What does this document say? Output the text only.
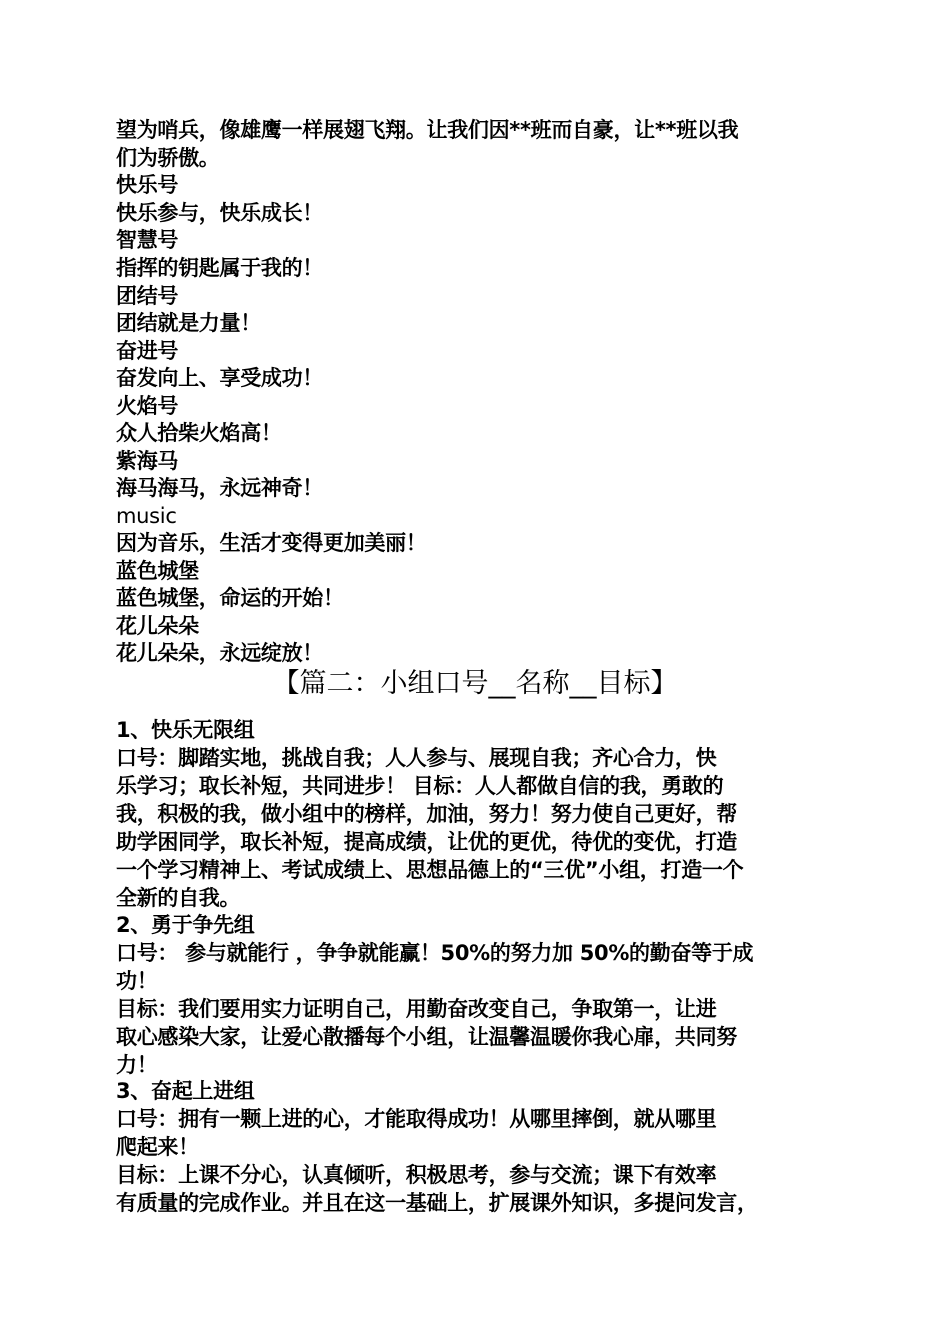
望为哨兵，像雄鹰一样展翅飞翔。让我们因**班而自豪，让**班以我
们为骄傲。
快乐号
快乐参与，快乐成长！
智慧号
指挥的钥匙属于我的！
团结号
团结就是力量！
奋进号
奋发向上、享受成功！
火焰号
众人拾柴火焰高！
紫海马
海马海马，永远神奇！
music
因为音乐，生活才变得更加美丽！
蓝色城堡
蓝色城堡，命运的开始！
花儿朵朵
花儿朵朵，永远绽放！
【篇二：小组口号__名称__目标】
1、快乐无限组
口号：脚踏实地，挑战自我；人人参与、展现自我；齐心合力，快
乐学习；取长补短，共同进步！ 目标：人人都做自信的我，勇敢的
我，积极的我，做小组中的榜样，加油，努力！努力使自己更好，帮
助学困同学，取长补短，提高成绩，让优的更优，待优的变优，打造
一个学习精神上、考试成绩上、思想品德上的“三优”小组，打造一个
全新的自我。
2、勇于争先组
口号： 参与就能行 ，争争就能赢！50%的努力加 50%的勤奋等于成
功！
目标：我们要用实力证明自己，用勤奋改变自己，争取第一，让进
取心感染大家，让爱心散播每个小组，让温馨温暖你我心扉，共同努
力！
3、奋起上进组
口号：拥有一颗上进的心，才能取得成功！从哪里摔倒，就从哪里
爬起来！
目标：上课不分心，认真倾听，积极思考，参与交流；课下有效率
有质量的完成作业。并且在这一基础上，扩展课外知识，多提问发言，
